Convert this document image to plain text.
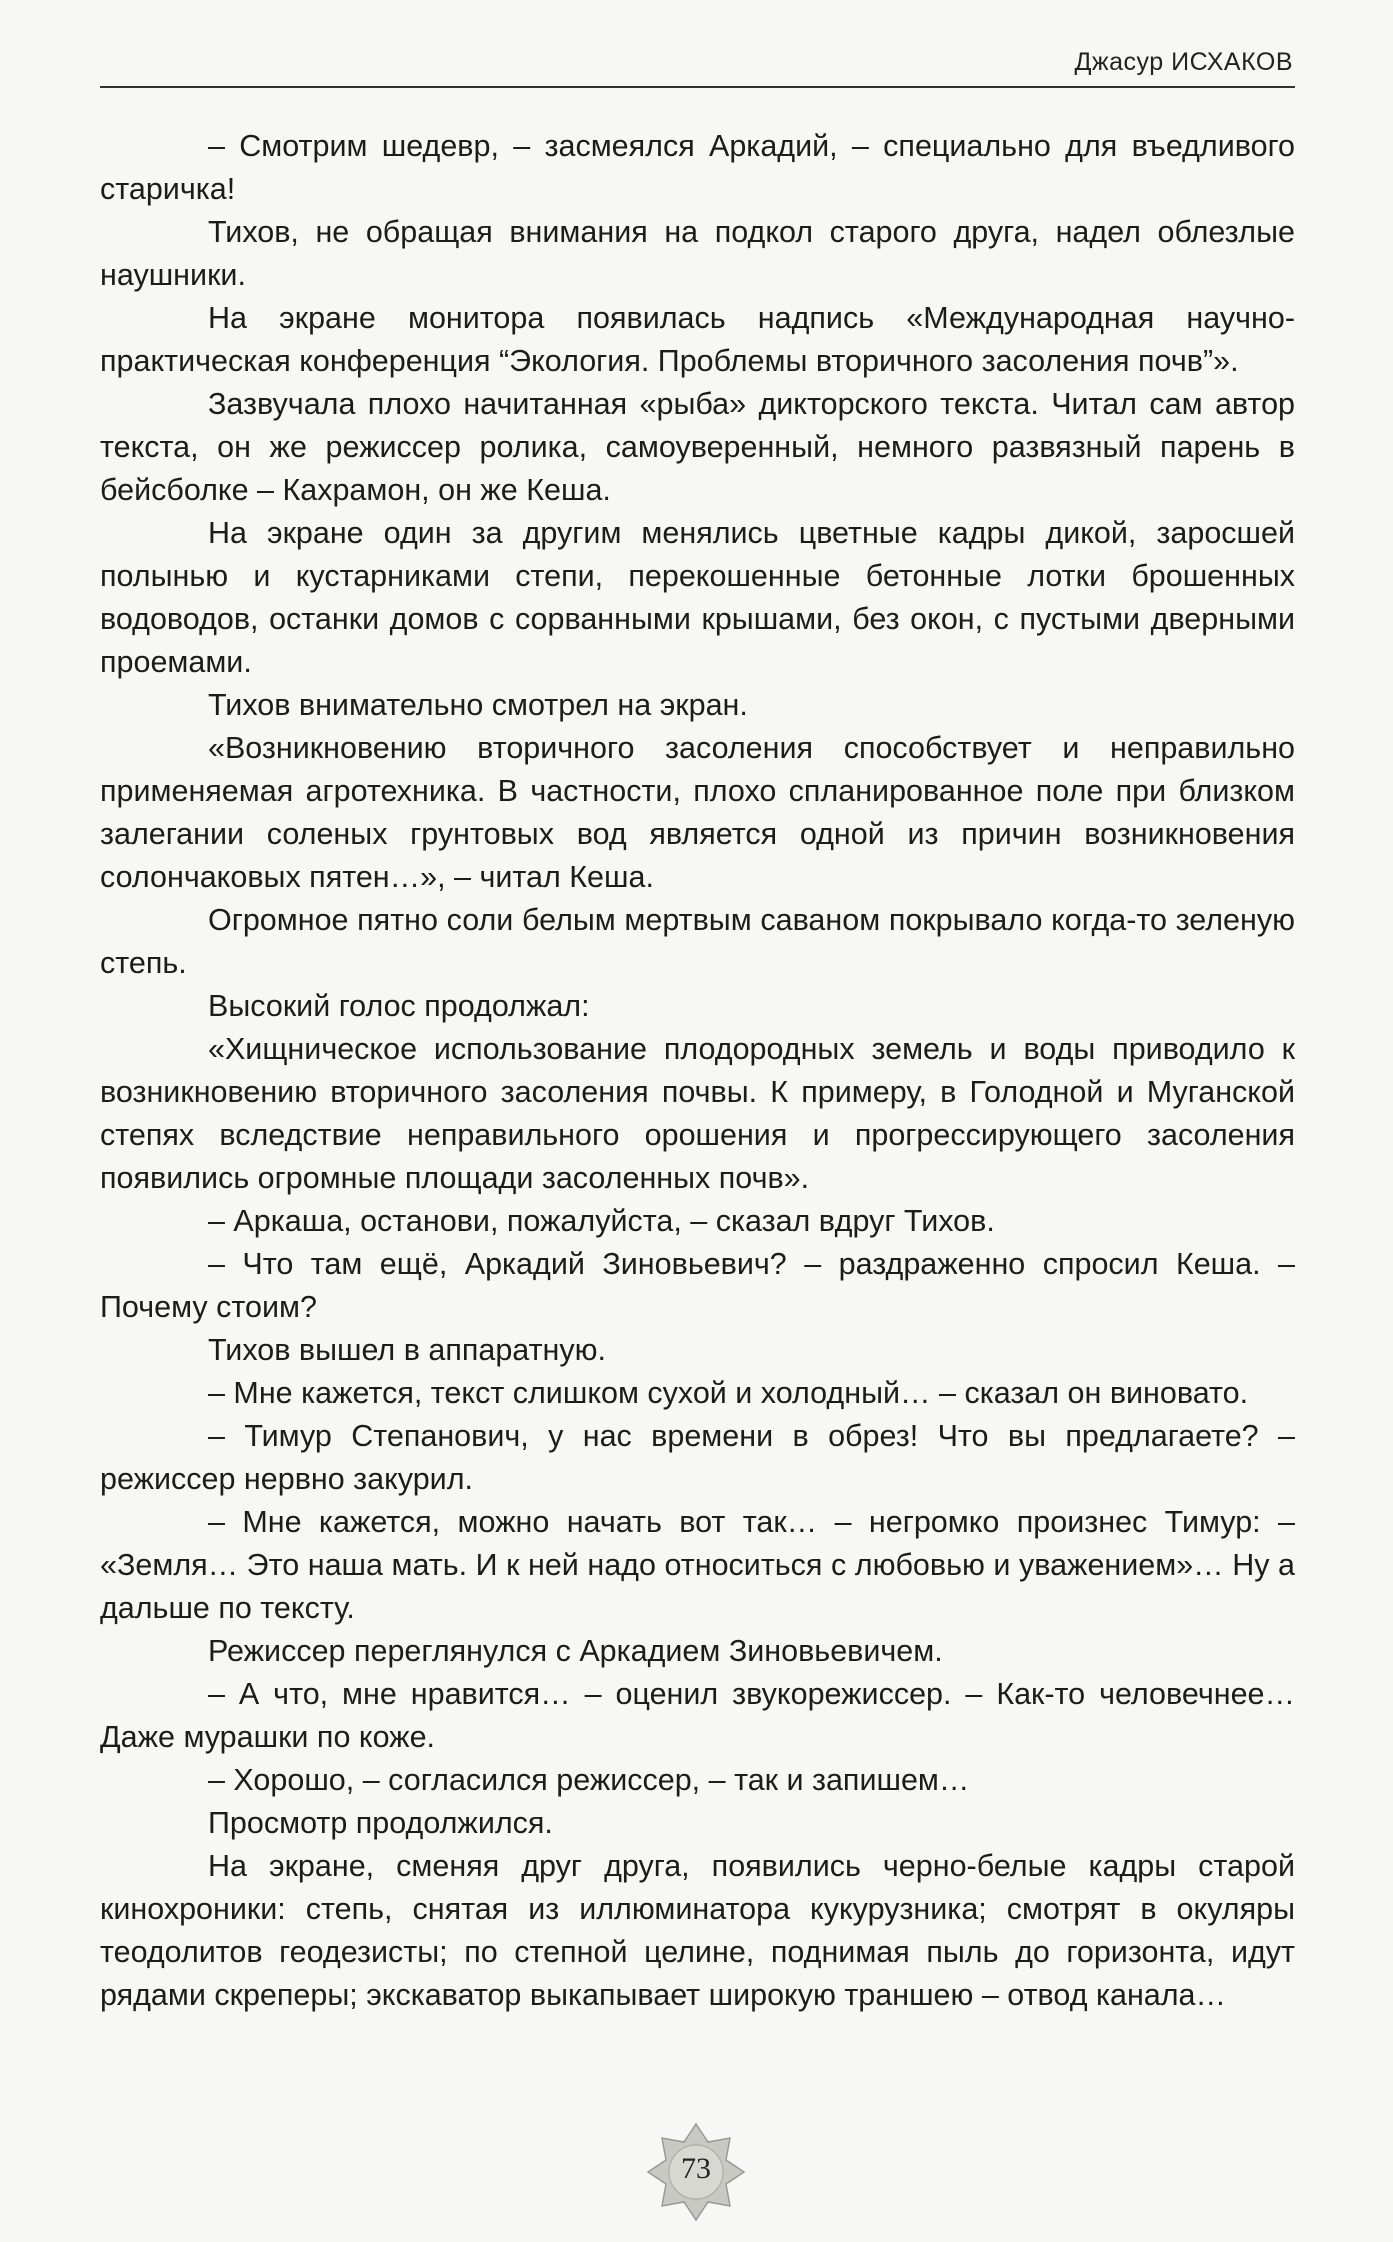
Джасур ИСХАКОВ

– Смотрим шедевр, – засмеялся Аркадий, – специально для въедливого старичка!

Тихов, не обращая внимания на подкол старого друга, надел облезлые наушники.

На экране монитора появилась надпись «Международная научно-практическая конференция “Экология. Проблемы вторичного засоления почв”».

Зазвучала плохо начитанная «рыба» дикторского текста. Читал сам автор текста, он же режиссер ролика, самоуверенный, немного развязный парень в бейсболке – Кахрамон, он же Кеша.

На экране один за другим менялись цветные кадры дикой, заросшей полынью и кустарниками степи, перекошенные бетонные лотки брошенных водоводов, останки домов с сорванными крышами, без окон, с пустыми дверными проемами.

Тихов внимательно смотрел на экран.

«Возникновению вторичного засоления способствует и неправильно применяемая агротехника. В частности, плохо спланированное поле при близком залегании соленых грунтовых вод является одной из причин возникновения солончаковых пятен…», – читал Кеша.

Огромное пятно соли белым мертвым саваном покрывало когда-то зеленую степь.

Высокий голос продолжал:

«Хищническое использование плодородных земель и воды приводило к возникновению вторичного засоления почвы. К примеру, в Голодной и Муганской степях вследствие неправильного орошения и прогрессирующего засоления появились огромные площади засоленных почв».

– Аркаша, останови, пожалуйста, – сказал вдруг Тихов.

– Что там ещё, Аркадий Зиновьевич? – раздраженно спросил Кеша. – Почему стоим?

Тихов вышел в аппаратную.

– Мне кажется, текст слишком сухой и холодный… – сказал он виновато.

– Тимур Степанович, у нас времени в обрез! Что вы предлагаете? – режиссер нервно закурил.

– Мне кажется, можно начать вот так… – негромко произнес Тимур: – «Земля… Это наша мать. И к ней надо относиться с любовью и уважением»… Ну а дальше по тексту.

Режиссер переглянулся с Аркадием Зиновьевичем.

– А что, мне нравится… – оценил звукорежиссер. – Как-то человечнее… Даже мурашки по коже.

– Хорошо, – согласился режиссер, – так и запишем…

Просмотр продолжился.

На экране, сменяя друг друга, появились черно-белые кадры старой кинохроники: степь, снятая из иллюминатора кукурузника; смотрят в окуляры теодолитов геодезисты; по степной целине, поднимая пыль до горизонта, идут рядами скреперы; экскаватор выкапывает широкую траншею – отвод канала…

73
